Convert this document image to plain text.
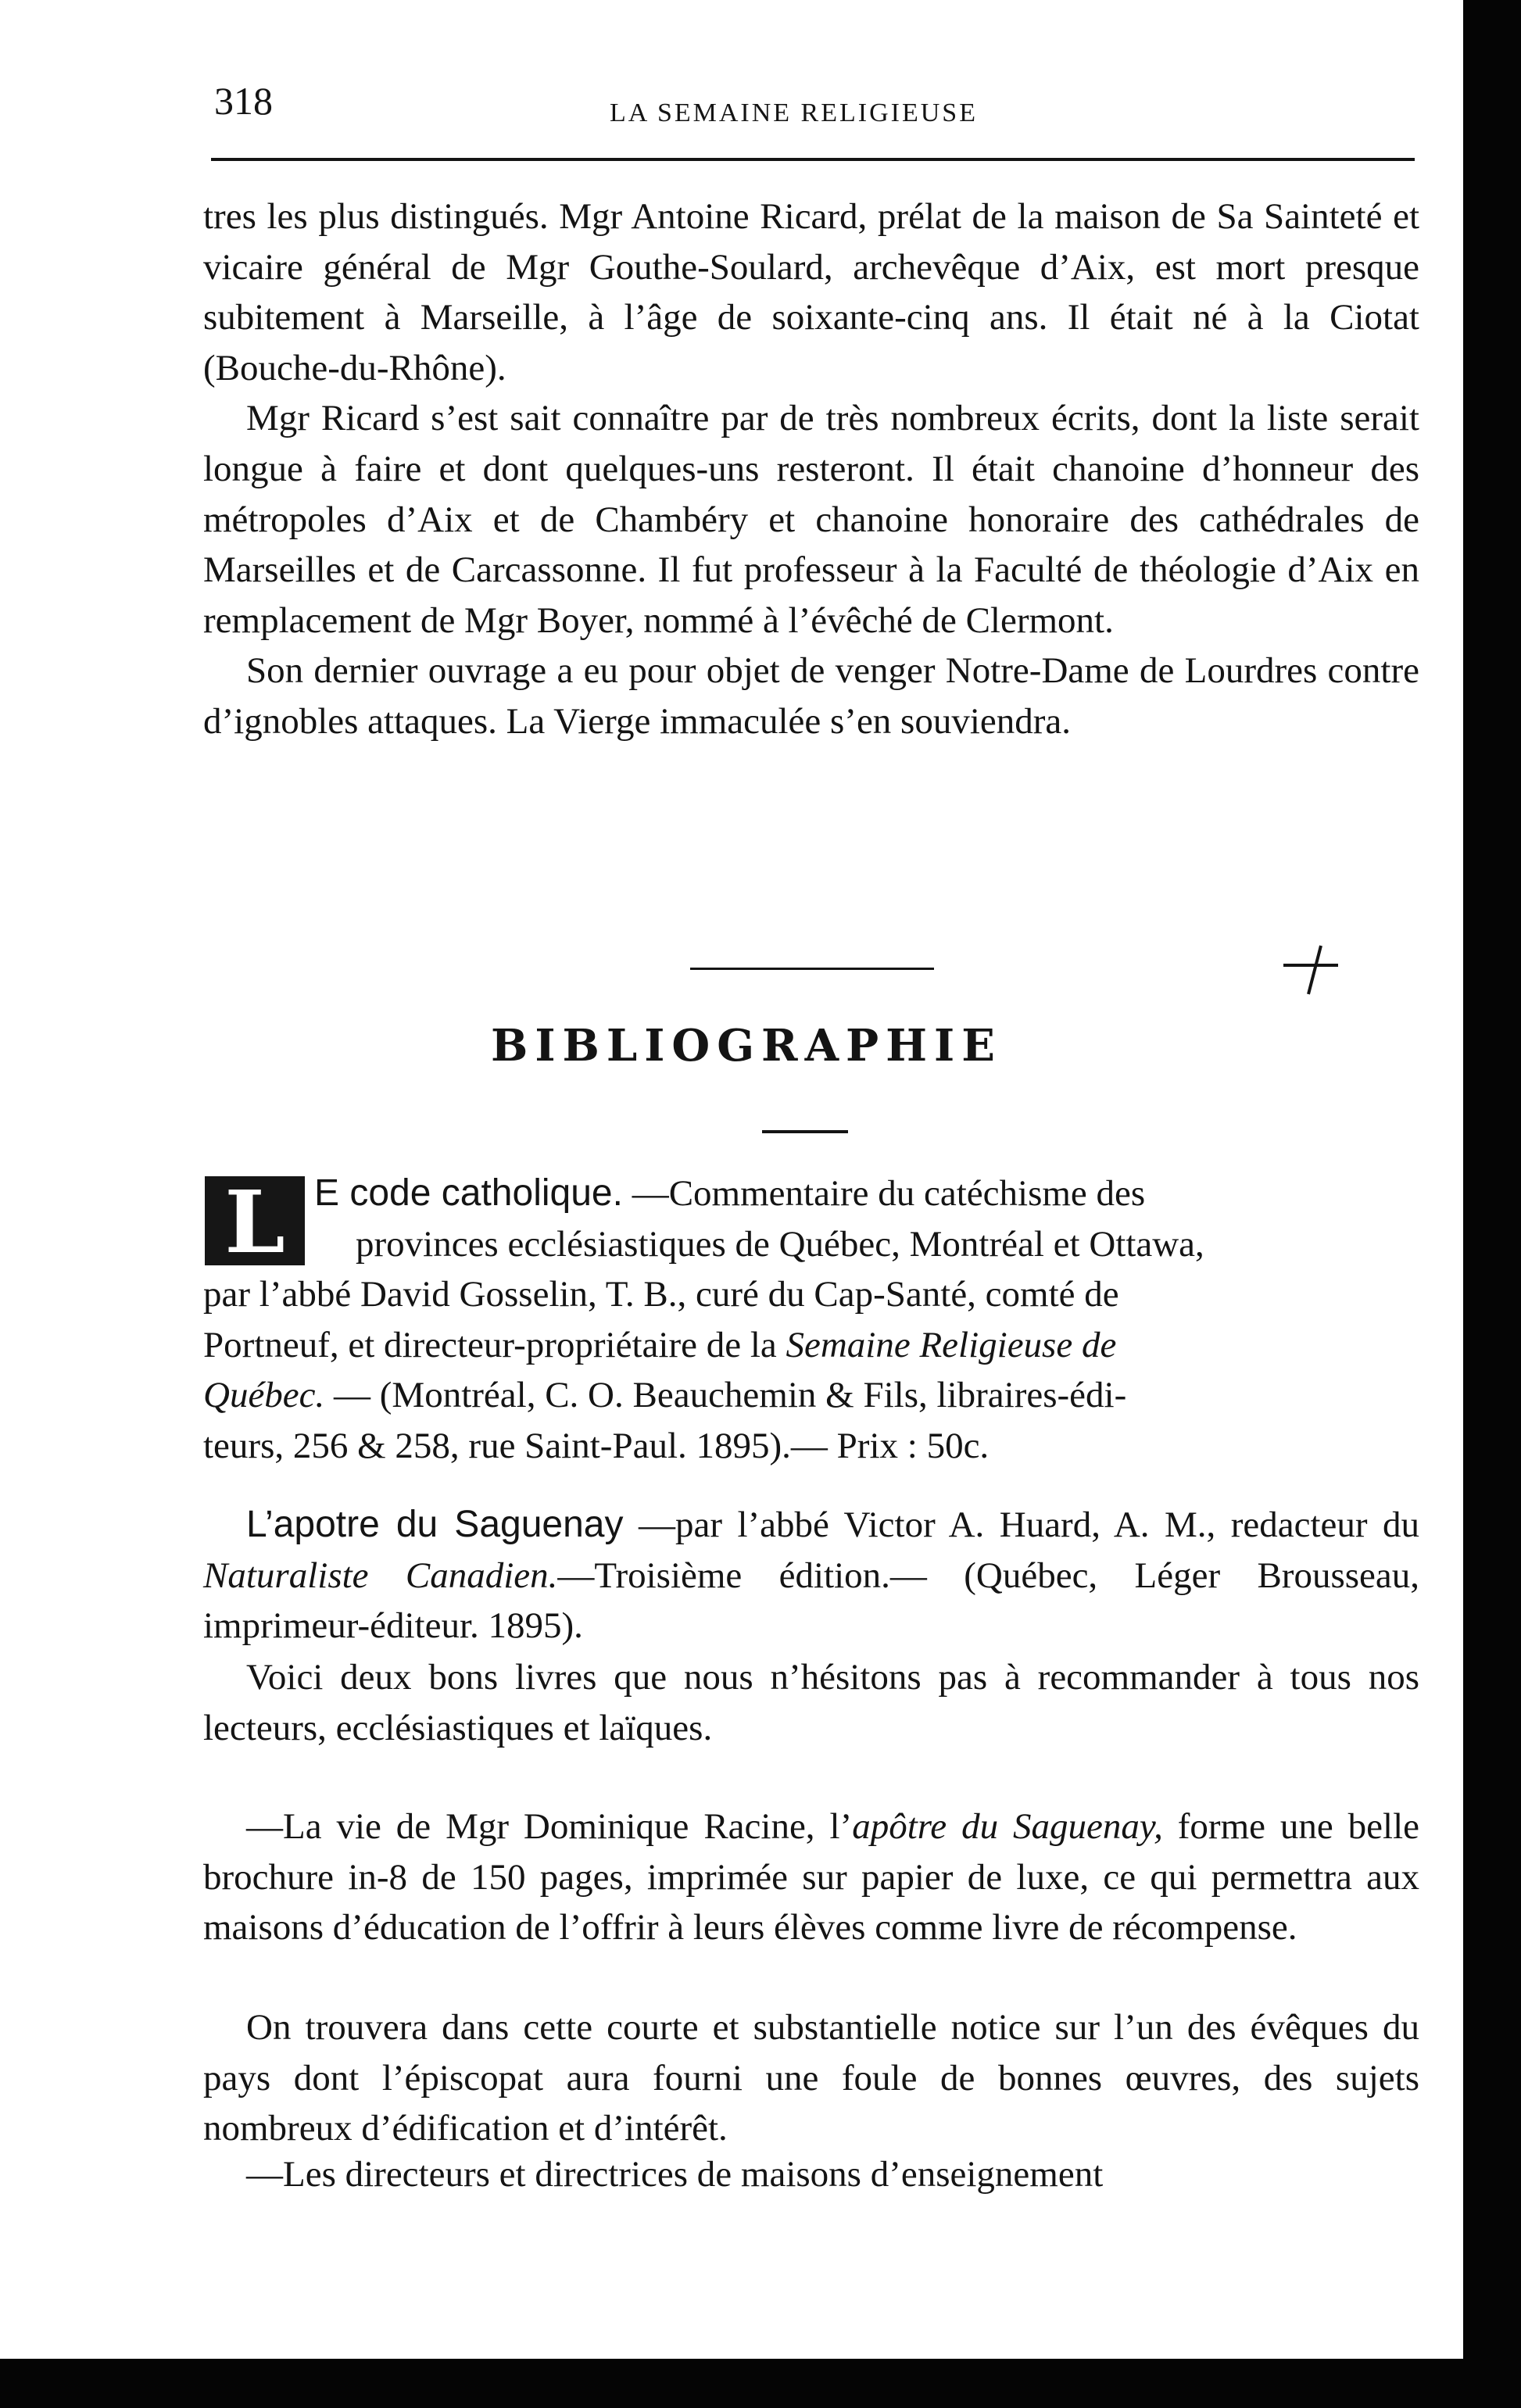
318	LA SEMAINE RELIGIEUSE

tres les plus distingués. Mgr Antoine Ricard, prélat de la maison de Sa Sainteté et vicaire général de Mgr Gouthe-Soulard, archevêque d’Aix, est mort presque subitement à Marseille, à l’âge de soixante-cinq ans. Il était né à la Ciotat (Bouche-du-Rhône).

Mgr Ricard s’est sait connaître par de très nombreux écrits, dont la liste serait longue à faire et dont quelques-uns resteront. Il était chanoine d’honneur des métropoles d’Aix et de Chambéry et chanoine honoraire des cathédrales de Marseilles et de Carcassonne. Il fut professeur à la Faculté de théologie d’Aix en remplacement de Mgr Boyer, nommé à l’évêché de Clermont.

Son dernier ouvrage a eu pour objet de venger Notre-Dame de Lourdres contre d’ignobles attaques. La Vierge immaculée s’en souviendra.

BIBLIOGRAPHIE
L E code catholique. —Commentaire du catéchisme des
provinces ecclésiastiques de Québec, Montréal et Ottawa,
par l’abbé David Gosselin, T. B., curé du Cap-Santé, comté de
Portneuf, et directeur-propriétaire de la Semaine Religieuse de
Québec. — (Montréal, C. O. Beauchemin & Fils, libraires-édi-
teurs, 256 & 258, rue Saint-Paul. 1895).— Prix : 50c.

L’apotre du Saguenay —par l’abbé Victor A. Huard, A. M., redacteur du Naturaliste Canadien.—Troisième édition.— (Québec, Léger Brousseau, imprimeur-éditeur. 1895).

Voici deux bons livres que nous n’hésitons pas à recommander à tous nos lecteurs, ecclésiastiques et laïques.

—La vie de Mgr Dominique Racine, l’apôtre du Saguenay, forme une belle brochure in-8 de 150 pages, imprimée sur papier de luxe, ce qui permettra aux maisons d’éducation de l’offrir à leurs élèves comme livre de récompense.

On trouvera dans cette courte et substantielle notice sur l’un des évêques du pays dont l’épiscopat aura fourni une foule de bonnes œuvres, des sujets nombreux d’édification et d’intérêt.

—Les directeurs et directrices de maisons d’enseignement
